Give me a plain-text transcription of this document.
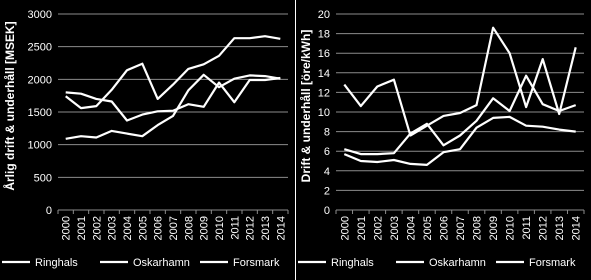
0
500
1000
1500
2000
2500
3000
2000 2001 2002 2003 2004 2005 2006 2007 2008 2009 2010 2011 2012 2013 2014
Årlig drift & underhåll [MSEK]
Ringhals	Oskarhamn	Forsmark
0
2
4
6
8
10
12
14
16
18
20
2000 2001 2002 2003 2004 2005 2006 2007 2008 2009 2010 2011 2012 2013 2014
Drift & underhåll [öre/kWh]
Ringhals	Oskarhamn	Forsmark
